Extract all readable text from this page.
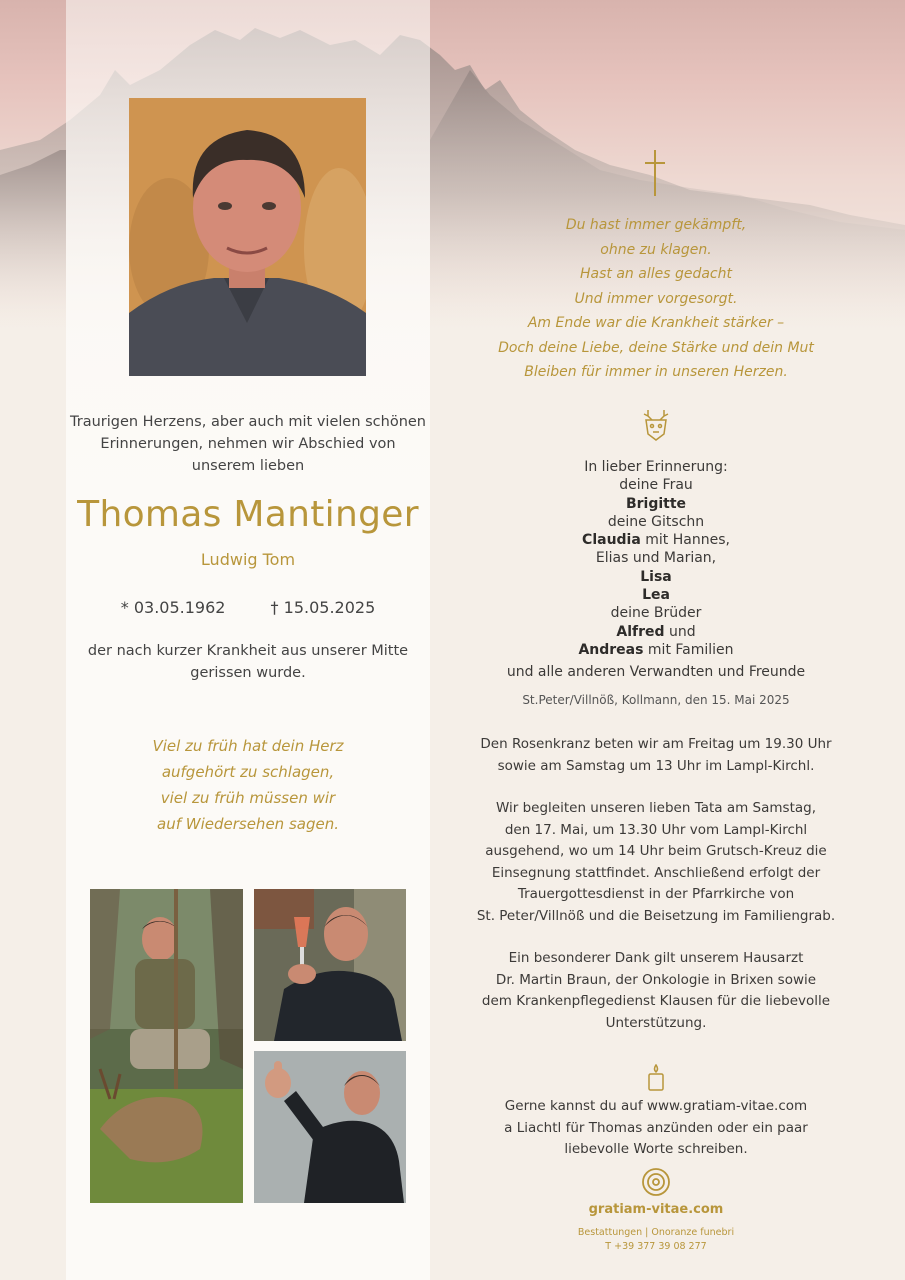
Traurigen Herzens, aber auch mit vielen schönen Erinnerungen, nehmen wir Abschied von unserem lieben
Thomas Mantinger
Ludwig Tom
* 03.05.1962	† 15.05.2025
der nach kurzer Krankheit aus unserer Mitte gerissen wurde.
Viel zu früh hat dein Herz
aufgehört zu schlagen,
viel zu früh müssen wir
auf Wiedersehen sagen.
Du hast immer gekämpft,
ohne zu klagen.
Hast an alles gedacht
Und immer vorgesorgt.
Am Ende war die Krankheit stärker –
Doch deine Liebe, deine Stärke und dein Mut
Bleiben für immer in unseren Herzen.
In lieber Erinnerung:
deine Frau
Brigitte
deine Gitschn
Claudia mit Hannes,
Elias und Marian,
Lisa
Lea
deine Brüder
Alfred und
Andreas mit Familien
und alle anderen Verwandten und Freunde
St.Peter/Villnöß, Kollmann, den 15. Mai 2025
Den Rosenkranz beten wir am Freitag um 19.30 Uhr
sowie am Samstag um 13 Uhr im Lampl-Kirchl.
Wir begleiten unseren lieben Tata am Samstag,
den 17. Mai, um 13.30 Uhr vom Lampl-Kirchl
ausgehend, wo um 14 Uhr beim Grutsch-Kreuz die
Einsegnung stattfindet. Anschließend erfolgt der
Trauergottesdienst in der Pfarrkirche von
St. Peter/Villnöß und die Beisetzung im Familiengrab.
Ein besonderer Dank gilt unserem Hausarzt
Dr. Martin Braun, der Onkologie in Brixen sowie
dem Krankenpflegedienst Klausen für die liebevolle
Unterstützung.
Gerne kannst du auf www.gratiam-vitae.com
a Liachtl für Thomas anzünden oder ein paar
liebevolle Worte schreiben.
gratiam-vitae.com
Bestattungen | Onoranze funebri
T +39 377 39 08 277
